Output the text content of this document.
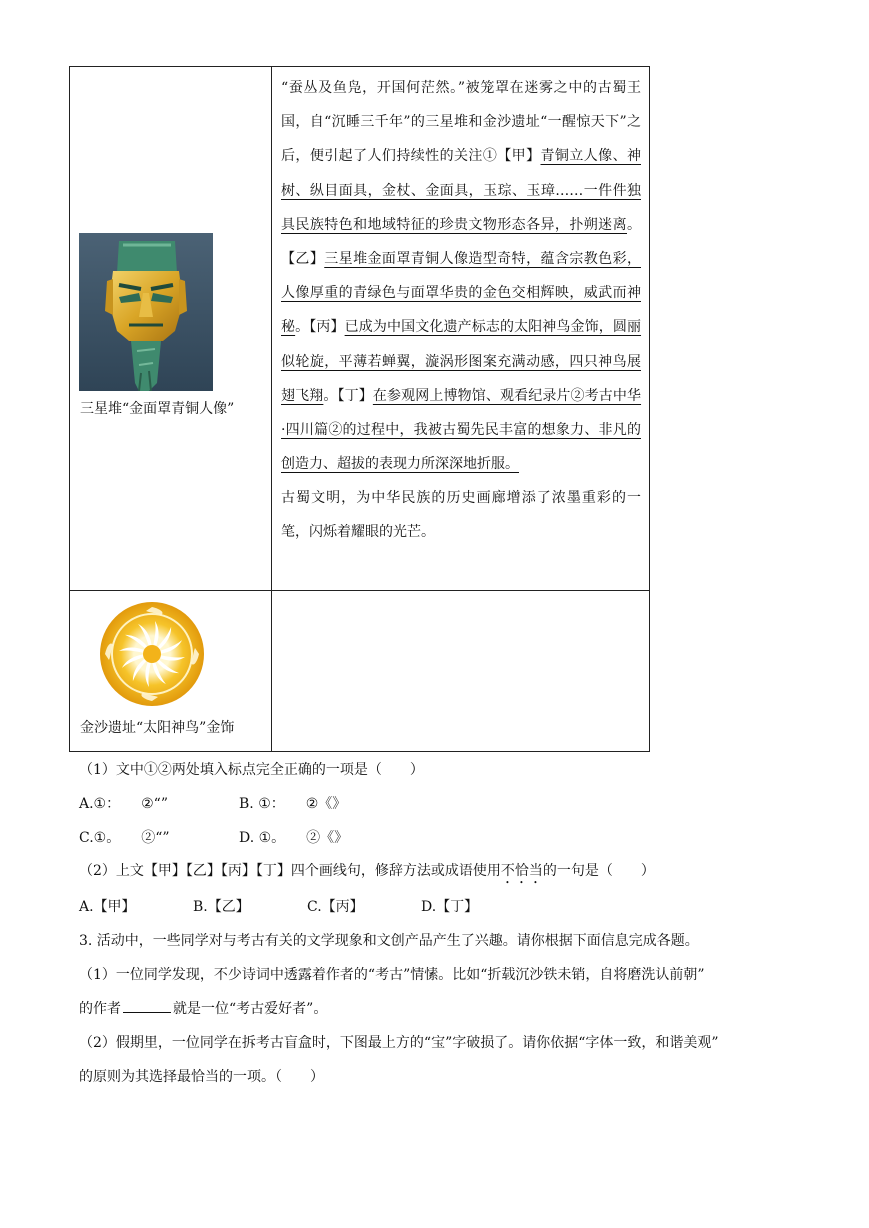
三星堆“金面罩青铜人像”	“蚕丛及鱼凫，开国何茫然。”被笼罩在迷雾之中的古蜀王国，自“沉睡三千年”的三星堆和金沙遗址“一醒惊天下”之后，便引起了人们持续性的关注①【甲】青铜立人像、神树、纵目面具，金杖、金面具，玉琮、玉璋……一件件独具民族特色和地域特征的珍贵文物形态各异，扑朔迷离。 【乙】三星堆金面罩青铜人像造型奇特，蕴含宗教色彩，人像厚重的青绿色与面罩华贵的金色交相辉映，威武而神秘。【丙】已成为中国文化遗产标志的太阳神鸟金饰，圆丽似轮旋，平薄若蝉翼，漩涡形图案充满动感，四只神鸟展翅飞翔。【丁】在参观网上博物馆、观看纪录片②考古中华·四川篇②的过程中，我被古蜀先民丰富的想象力、非凡的创造力、超拔的表现力所深深地折服。

古蜀文明，为中华民族的历史画廊增添了浓墨重彩的一笔，闪烁着耀眼的光芒。

金沙遗址“太阳神鸟”金饰	

（1）文中①②两处填入标点完全正确的一项是（　　）
A.①：　　②“”	B. ①：　　②《》
C.①。　　②“”	D. ①。　　②《》
（2）上文【甲】【乙】【丙】【丁】四个画线句，修辞方法或成语使用不恰当的一句是（　　）
A.【甲】	B.【乙】	C.【丙】	D.【丁】
3. 活动中，一些同学对与考古有关的文学现象和文创产品产生了兴趣。请你根据下面信息完成各题。
（1）一位同学发现，不少诗词中透露着作者的“考古”情愫。比如“折载沉沙铁未销，自将磨洗认前朝”
的作者	就是一位“考古爱好者”。
（2）假期里，一位同学在拆考古盲盒时，下图最上方的“宝”字破损了。请你依据“字体一致，和谐美观”
的原则为其选择最恰当的一项。（　　）
